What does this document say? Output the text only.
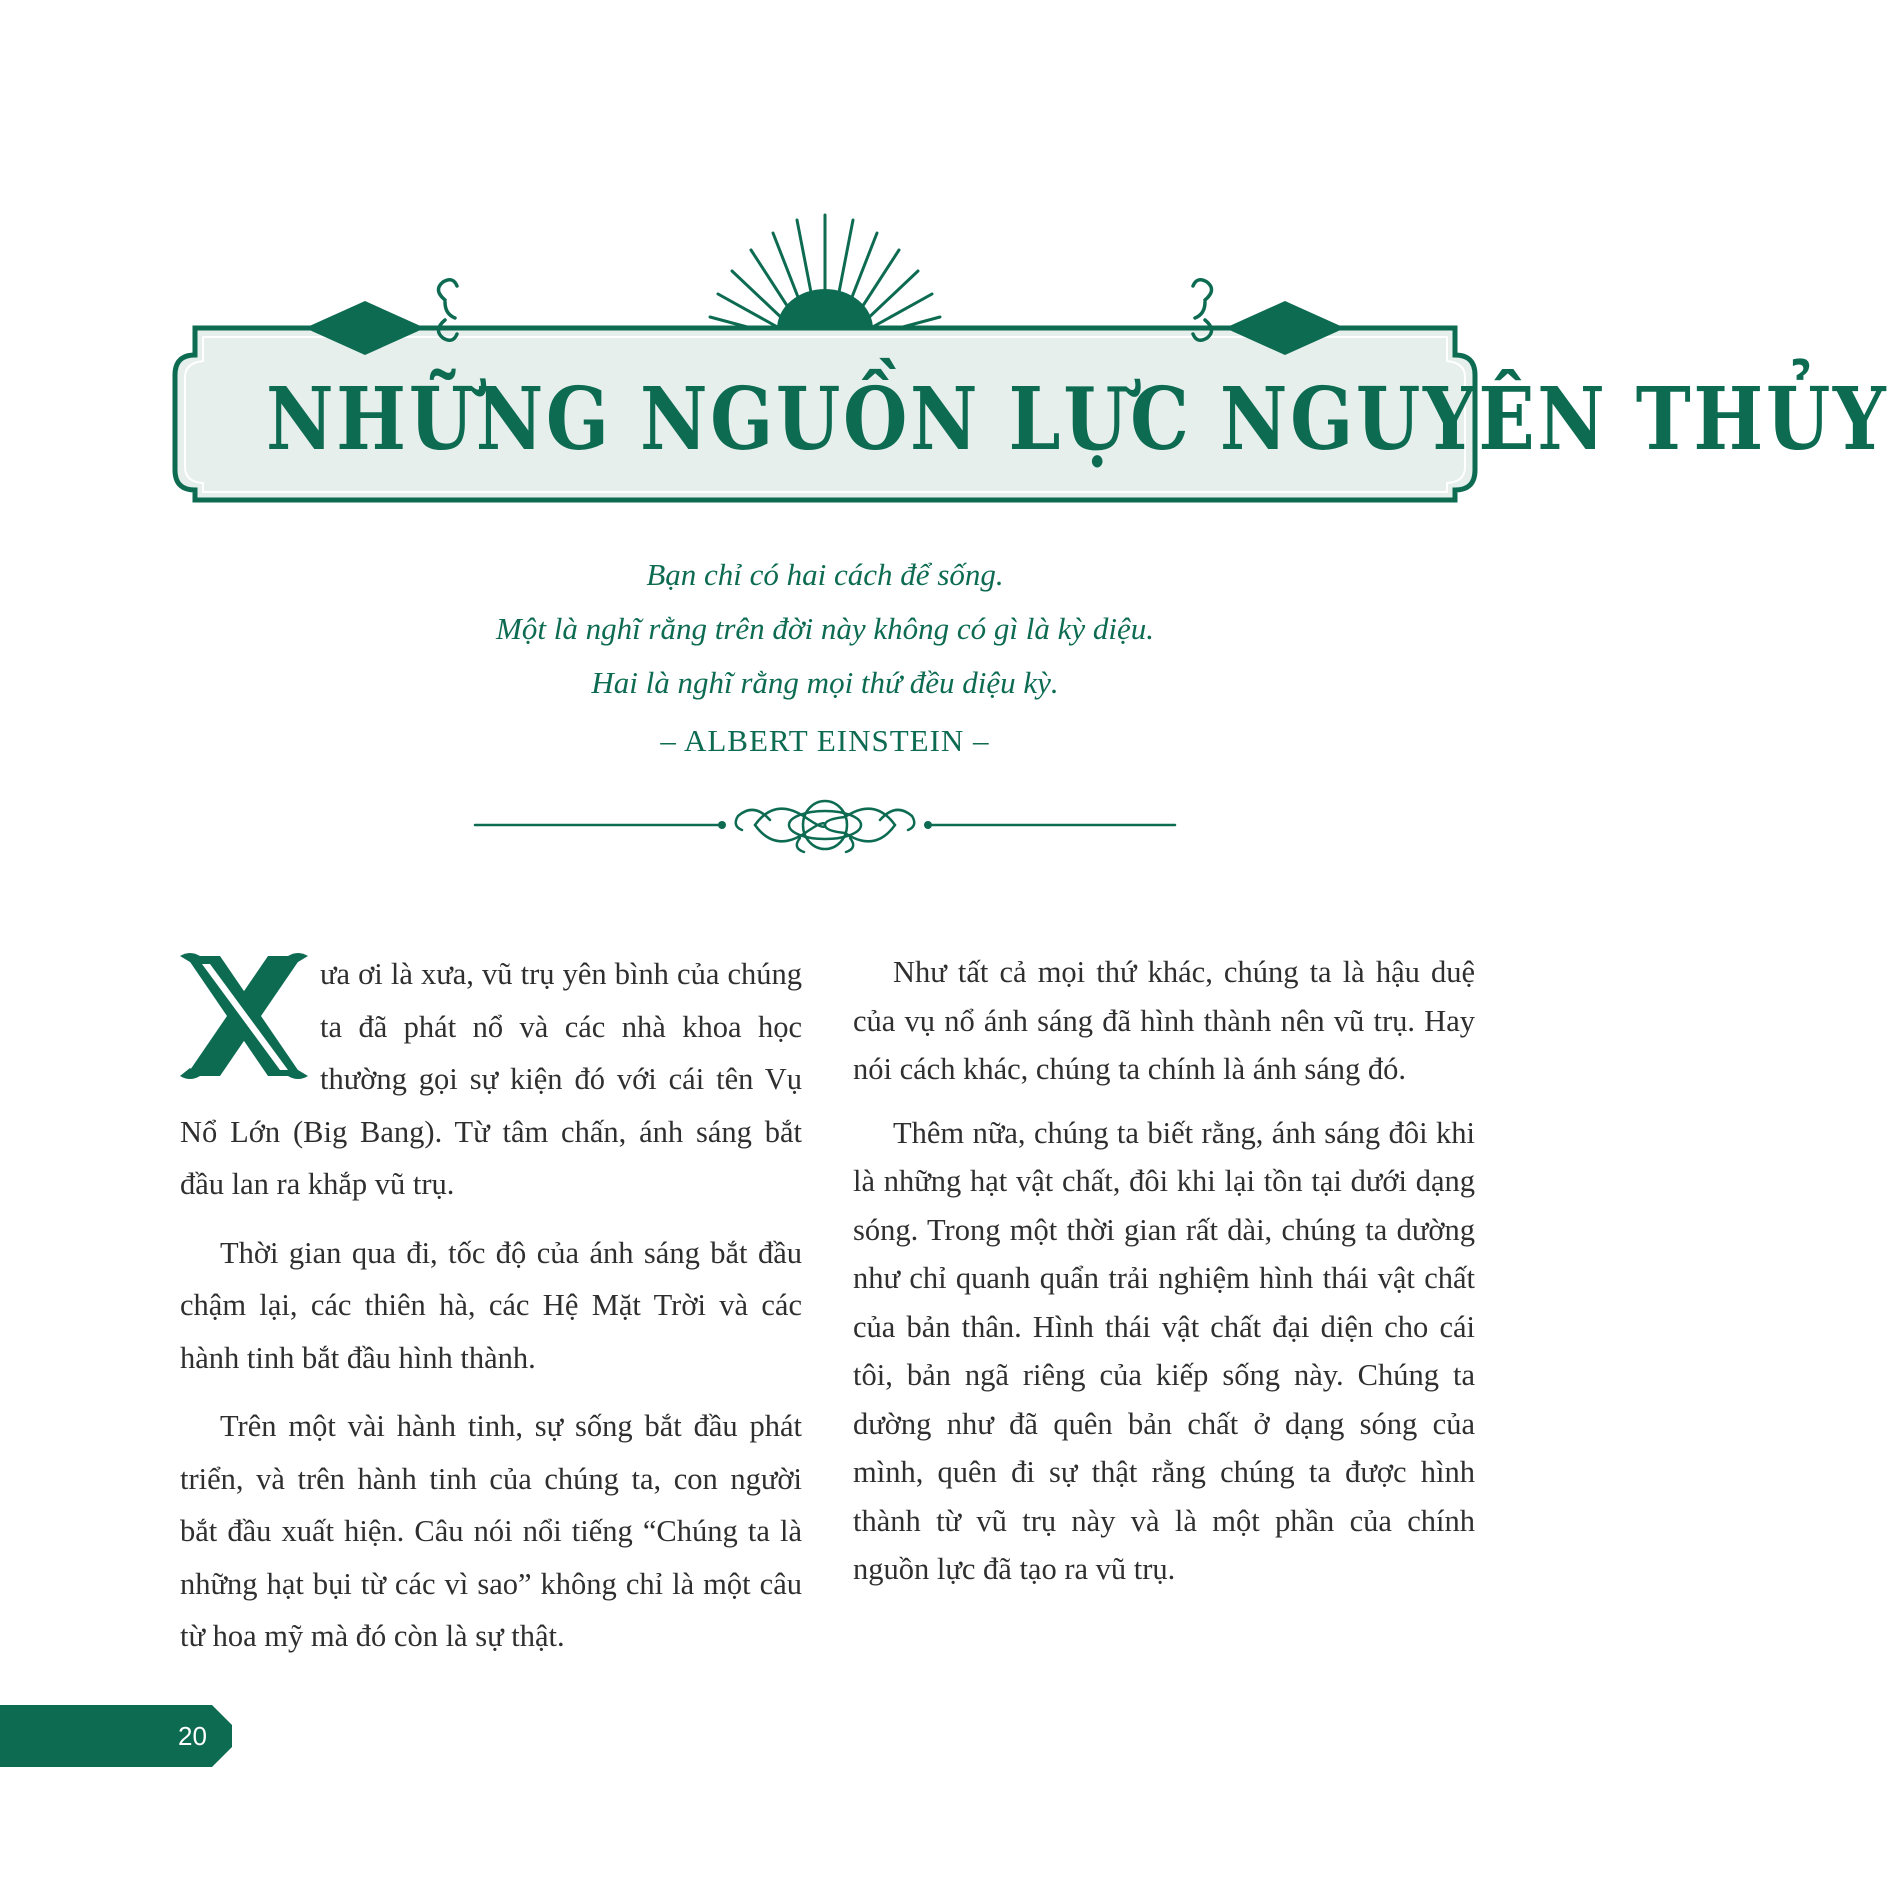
NHỮNG NGUỒN LỰC NGUYÊN THỦY
Bạn chỉ có hai cách để sống.
Một là nghĩ rằng trên đời này không có gì là kỳ diệu.
Hai là nghĩ rằng mọi thứ đều diệu kỳ.
– ALBERT EINSTEIN –

ưa ơi là xưa, vũ trụ yên bình của chúng ta đã phát nổ và các nhà khoa học thường gọi sự kiện đó với cái tên Vụ Nổ Lớn (Big Bang). Từ tâm chấn, ánh sáng bắt đầu lan ra khắp vũ trụ.

Thời gian qua đi, tốc độ của ánh sáng bắt đầu chậm lại, các thiên hà, các Hệ Mặt Trời và các hành tinh bắt đầu hình thành.

Trên một vài hành tinh, sự sống bắt đầu phát triển, và trên hành tinh của chúng ta, con người bắt đầu xuất hiện. Câu nói nổi tiếng “Chúng ta là những hạt bụi từ các vì sao” không chỉ là một câu từ hoa mỹ mà đó còn là sự thật.

Như tất cả mọi thứ khác, chúng ta là hậu duệ của vụ nổ ánh sáng đã hình thành nên vũ trụ. Hay nói cách khác, chúng ta chính là ánh sáng đó.

Thêm nữa, chúng ta biết rằng, ánh sáng đôi khi là những hạt vật chất, đôi khi lại tồn tại dưới dạng sóng. Trong một thời gian rất dài, chúng ta dường như chỉ quanh quẩn trải nghiệm hình thái vật chất của bản thân. Hình thái vật chất đại diện cho cái tôi, bản ngã riêng của kiếp sống này. Chúng ta dường như đã quên bản chất ở dạng sóng của mình, quên đi sự thật rằng chúng ta được hình thành từ vũ trụ này và là một phần của chính nguồn lực đã tạo ra vũ trụ.

20
